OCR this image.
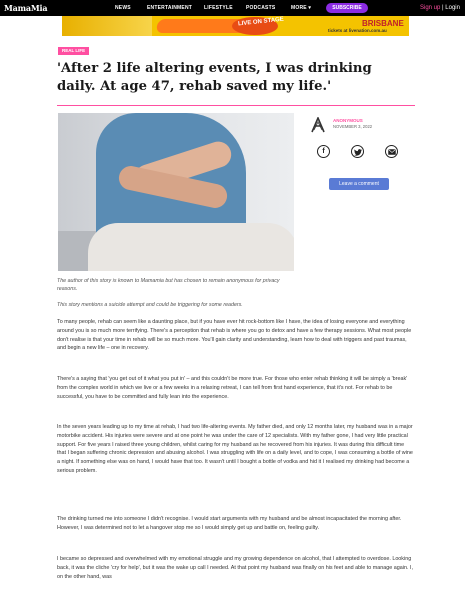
MamaMia	NEWS	ENTERTAINMENT LIFESTYLE	PODCASTS	MORE ▾	SUBSCRIBE	Sign up | Login
LIVE ON STAGE	BRISBANE
tickets at livenation.com.au
REAL LIFE
'After 2 life altering events, I was drinking daily. At age 47, rehab saved my life.'

The author of this story is known to Mamamia but has chosen to remain anonymous for privacy reasons.

This story mentions a suicide attempt and could be triggering for some readers.

To many people, rehab can seem like a daunting place, but if you have ever hit rock-bottom like I have, the idea of losing everyone and everything around you is so much more terrifying. There's a perception that rehab is where you go to detox and have a few therapy sessions. What most people don't realise is that your time in rehab will be so much more. You'll gain clarity and understanding, learn how to deal with triggers and past traumas, and begin a new life – one in recovery.

There's a saying that 'you get out of it what you put in' – and this couldn't be more true. For those who enter rehab thinking it will be simply a 'break' from the complex world in which we live or a few weeks in a relaxing retreat, I can tell from first hand experience, that it's not. For rehab to be successful, you have to be committed and fully lean into the experience.

In the seven years leading up to my time at rehab, I had two life-altering events. My father died, and only 12 months later, my husband was in a major motorbike accident. His injuries were severe and at one point he was under the care of 12 specialists. With my father gone, I had very little practical support. For five years I raised three young children, whilst caring for my husband as he recovered from his injuries. It was during this difficult time that I began suffering chronic depression and abusing alcohol. I was struggling with life on a daily level, and to cope, I was consuming a bottle of wine a night. If something else was on hand, I would have that too. It wasn't until I bought a bottle of vodka and hid it I realised my drinking had become a serious problem.

The drinking turned me into someone I didn't recognise. I would start arguments with my husband and be almost incapacitated the morning after. However, I was determined not to let a hangover stop me so I would simply get up and battle on, feeling guilty.

I became so depressed and overwhelmed with my emotional struggle and my growing dependence on alcohol, that I attempted to overdose. Looking back, it was the cliche 'cry for help', but it was the wake up call I needed. At that point my husband was finally on his feet and able to manage again. I, on the other hand, was

ANONYMOUS
NOVEMBER 3, 2022
f
Leave a comment
